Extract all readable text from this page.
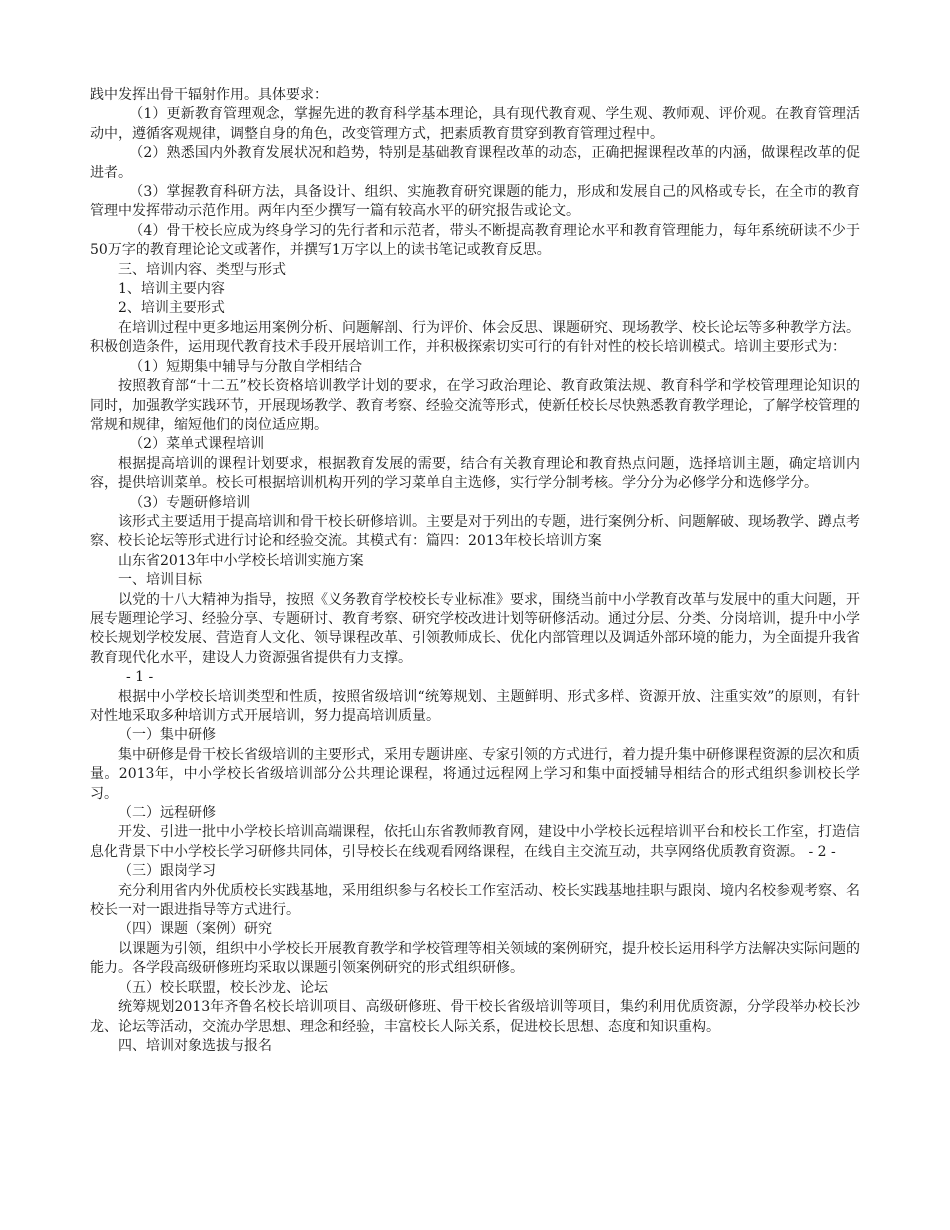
践中发挥出骨干辐射作用。具体要求：

（1）更新教育管理观念，掌握先进的教育科学基本理论，具有现代教育观、学生观、教师观、评价观。在教育管理活动中，遵循客观规律，调整自身的角色，改变管理方式，把素质教育贯穿到教育管理过程中。

（2）熟悉国内外教育发展状况和趋势，特别是基础教育课程改革的动态，正确把握课程改革的内涵，做课程改革的促进者。

（3）掌握教育科研方法，具备设计、组织、实施教育研究课题的能力，形成和发展自己的风格或专长，在全市的教育管理中发挥带动示范作用。两年内至少撰写一篇有较高水平的研究报告或论文。

（4）骨干校长应成为终身学习的先行者和示范者，带头不断提高教育理论水平和教育管理能力，每年系统研读不少于50万字的教育理论论文或著作，并撰写1万字以上的读书笔记或教育反思。

三、培训内容、类型与形式

1、培训主要内容

2、培训主要形式

在培训过程中更多地运用案例分析、问题解剖、行为评价、体会反思、课题研究、现场教学、校长论坛等多种教学方法。积极创造条件，运用现代教育技术手段开展培训工作，并积极探索切实可行的有针对性的校长培训模式。培训主要形式为：

（1）短期集中辅导与分散自学相结合

按照教育部“十二五”校长资格培训教学计划的要求，在学习政治理论、教育政策法规、教育科学和学校管理理论知识的同时，加强教学实践环节，开展现场教学、教育考察、经验交流等形式，使新任校长尽快熟悉教育教学理论，了解学校管理的常规和规律，缩短他们的岗位适应期。

（2）菜单式课程培训

根据提高培训的课程计划要求，根据教育发展的需要，结合有关教育理论和教育热点问题，选择培训主题，确定培训内容，提供培训菜单。校长可根据培训机构开列的学习菜单自主选修，实行学分制考核。学分分为必修学分和选修学分。

（3）专题研修培训

该形式主要适用于提高培训和骨干校长研修培训。主要是对于列出的专题，进行案例分析、问题解破、现场教学、蹲点考察、校长论坛等形式进行讨论和经验交流。其模式有：篇四：2013年校长培训方案

山东省2013年中小学校长培训实施方案

一、培训目标

以党的十八大精神为指导，按照《义务教育学校校长专业标准》要求，围绕当前中小学教育改革与发展中的重大问题，开展专题理论学习、经验分享、专题研讨、教育考察、研究学校改进计划等研修活动。通过分层、分类、分岗培训，提升中小学校长规划学校发展、营造育人文化、领导课程改革、引领教师成长、优化内部管理以及调适外部环境的能力，为全面提升我省教育现代化水平，建设人力资源强省提供有力支撑。

- 1 -

根据中小学校长培训类型和性质，按照省级培训“统筹规划、主题鲜明、形式多样、资源开放、注重实效”的原则，有针对性地采取多种培训方式开展培训，努力提高培训质量。

（一）集中研修

集中研修是骨干校长省级培训的主要形式，采用专题讲座、专家引领的方式进行，着力提升集中研修课程资源的层次和质量。2013年，中小学校长省级培训部分公共理论课程，将通过远程网上学习和集中面授辅导相结合的形式组织参训校长学习。

（二）远程研修

开发、引进一批中小学校长培训高端课程，依托山东省教师教育网，建设中小学校长远程培训平台和校长工作室，打造信息化背景下中小学校长学习研修共同体，引导校长在线观看网络课程，在线自主交流互动，共享网络优质教育资源。 - 2 -

（三）跟岗学习

充分利用省内外优质校长实践基地，采用组织参与名校长工作室活动、校长实践基地挂职与跟岗、境内名校参观考察、名校长一对一跟进指导等方式进行。

（四）课题（案例）研究

以课题为引领，组织中小学校长开展教育教学和学校管理等相关领域的案例研究，提升校长运用科学方法解决实际问题的能力。各学段高级研修班均采取以课题引领案例研究的形式组织研修。

（五）校长联盟，校长沙龙、论坛

统筹规划2013年齐鲁名校长培训项目、高级研修班、骨干校长省级培训等项目，集约利用优质资源，分学段举办校长沙龙、论坛等活动，交流办学思想、理念和经验，丰富校长人际关系，促进校长思想、态度和知识重构。

四、培训对象选拔与报名
